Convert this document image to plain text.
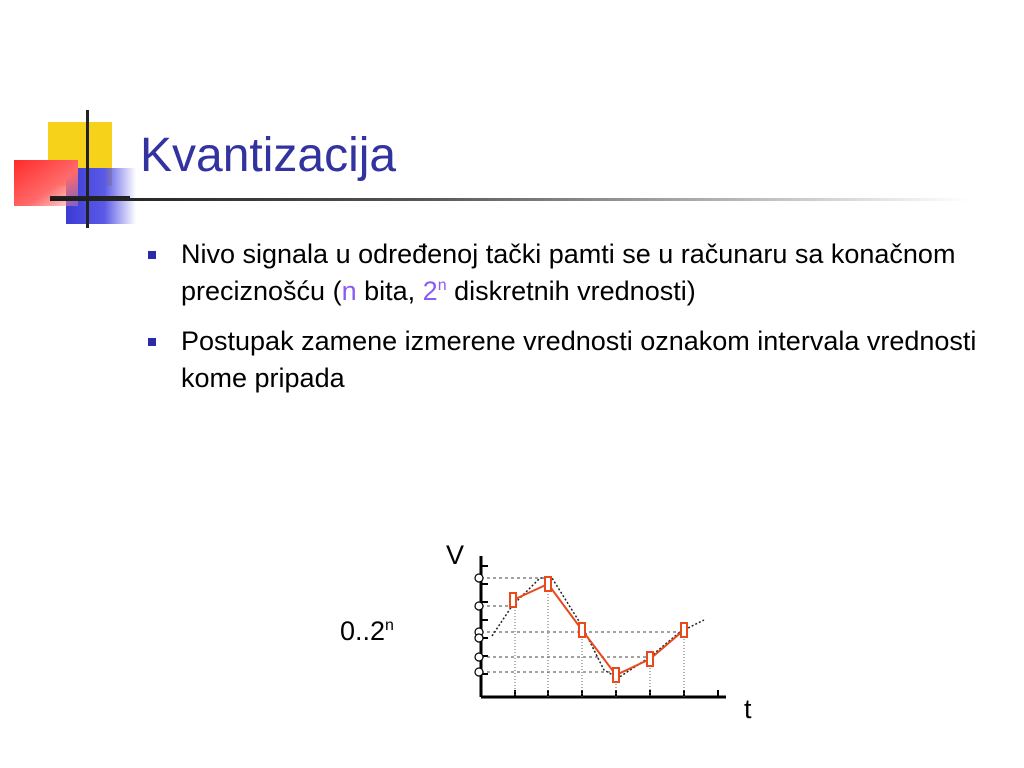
Kvantizacija
Nivo signala u određenoj tački pamti se u računaru sa konačnom preciznošću (n bita, 2$^n$ diskretnih vrednosti)
Postupak zamene izmerene vrednosti oznakom intervala vrednosti kome pripada
V
t
0..2$^n$
